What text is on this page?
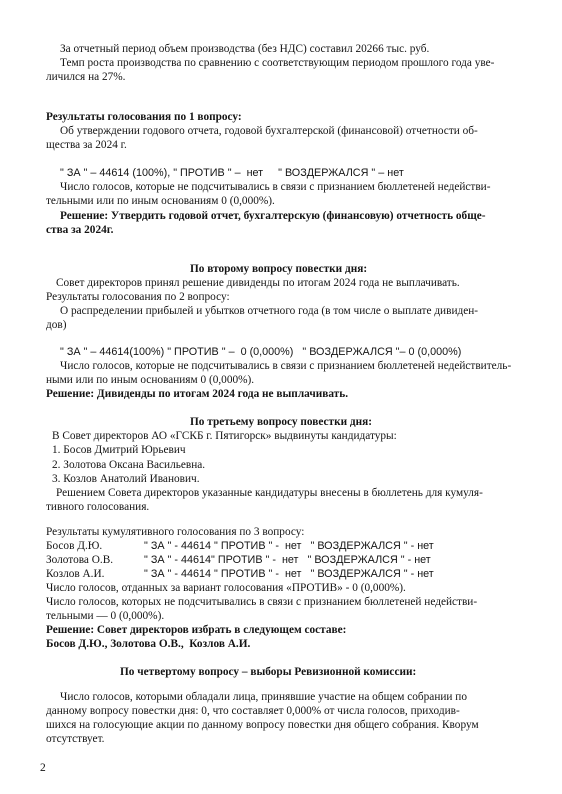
За отчетный период объем производства (без НДС) составил 20266 тыс. руб.
Темп роста производства по сравнению с соответствующим периодом прошлого года уве-
личился на 27%.
Результаты голосования по 1 вопросу:
Об утверждении годового отчета, годовой бухгалтерской (финансовой) отчетности об-
щества за 2024 г.
" ЗА " – 44614 (100%), " ПРОТИВ " –  нет     " ВОЗДЕРЖАЛСЯ " – нет
Число голосов, которые не подсчитывались в связи с признанием бюллетеней недействи-
тельными или по иным основаниям 0 (0,000%).
Решение: Утвердить годовой отчет, бухгалтерскую (финансовую) отчетность обще-
ства за 2024г.
По второму вопросу повестки дня:
Совет директоров принял решение дивиденды по итогам 2024 года не выплачивать.
Результаты голосования по 2 вопросу:
О распределении прибылей и убытков отчетного года (в том числе о выплате дивиден-
дов)
" ЗА " – 44614(100%) " ПРОТИВ " –  0 (0,000%)   " ВОЗДЕРЖАЛСЯ "– 0 (0,000%)
Число голосов, которые не подсчитывались в связи с признанием бюллетеней недействитель-
ными или по иным основаниям 0 (0,000%).
Решение: Дивиденды по итогам 2024 года не выплачивать.
По третьему вопросу повестки дня:
В Совет директоров АО «ГСКБ г. Пятигорск» выдвинуты кандидатуры:
1. Босов Дмитрий Юрьевич
2. Золотова Оксана Васильевна.
3. Козлов Анатолий Иванович.
Решением Совета директоров указанные кандидатуры внесены в бюллетень для кумуля-
тивного голосования.
Результаты кумулятивного голосования по 3 вопросу:
Босов Д.Ю.	" ЗА " - 44614 " ПРОТИВ " -  нет   " ВОЗДЕРЖАЛСЯ " - нет
Золотова О.В.	" ЗА " - 44614" ПРОТИВ " -  нет   " ВОЗДЕРЖАЛСЯ " - нет
Козлов А.И.	" ЗА " - 44614 " ПРОТИВ " -  нет   " ВОЗДЕРЖАЛСЯ " - нет
Число голосов, отданных за вариант голосования «ПРОТИВ» - 0 (0,000%).
Число голосов, которых не подсчитывались в связи с признанием бюллетеней недействи-
тельными — 0 (0,000%).
Решение: Совет директоров избрать в следующем составе:
Босов Д.Ю., Золотова О.В.,  Козлов А.И.
По четвертому вопросу – выборы Ревизионной комиссии:
Число голосов, которыми обладали лица, принявшие участие на общем собрании по
данному вопросу повестки дня: 0, что составляет 0,000% от числа голосов, приходив-
шихся на голосующие акции по данному вопросу повестки дня общего собрания. Кворум
отсутствует.
2
